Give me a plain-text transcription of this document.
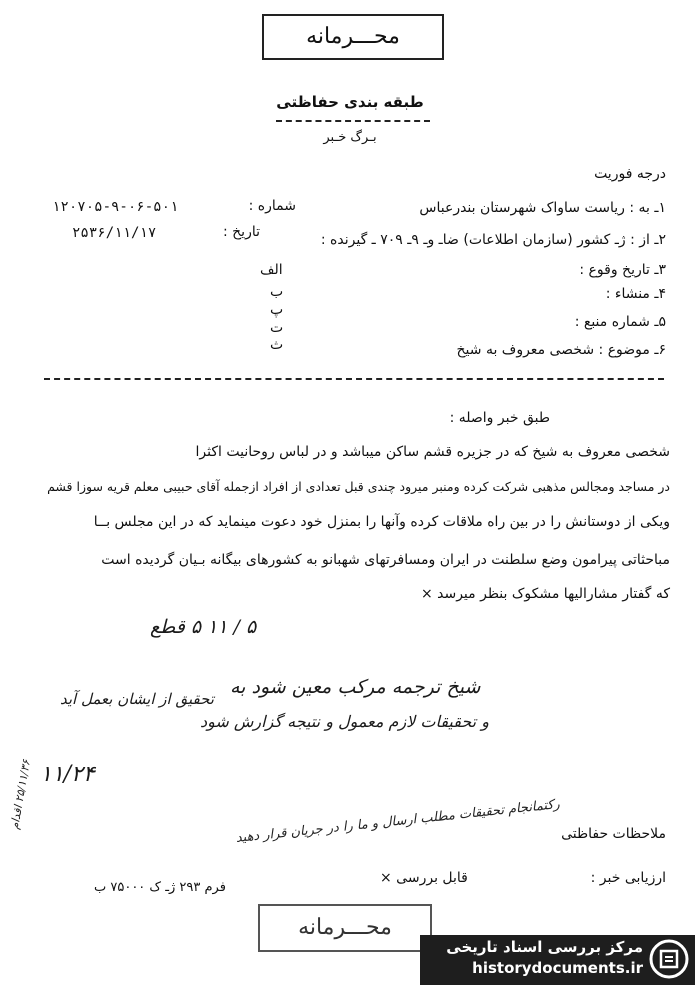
محـــرمانه
طبقه بندی حفاظتی
بـرگ خـبر
درجه فوریت
شماره :
۱۲۰۷۰۵-۹-۰۶-۵۰۱
تاریخ :
۲۵۳۶/۱۱/۱۷
۱ـ به : ریاست ساواک شهرستان بندرعباس
۲ـ از : ژـ کشور (سازمان اطلاعات) ضاـ وـ ۹ـ ۷۰۹ ـ گیرنده :
۳ـ تاریخ وقوع :
۴ـ منشاء :
۵ـ شماره منبع :
۶ـ موضوع : شخصی معروف به شیخ
الف
ب
پ
ت
ث
طبق خبر واصله :
شخصی معروف به شیخ که در جزیره قشم ساکن میباشد و در لباس روحانیت اکثرا
در مساجد ومجالس مذهبی شرکت کرده ومنبر میرود چندی قبل تعدادی از افراد ازجمله آقای حبیبی معلم قریه سوزا قشم
ویکی از دوستانش را در بین راه ملاقات کرده وآنها را بمنزل خود دعوت مینماید که در این مجلس بــا
مباحثاتی پیرامون وضع سلطنت در ایران ومسافرتهای شهبانو به کشورهای بیگانه بـیان گردیده است
که گفتار مشارالیها مشکوک بنظر میرسد ×
۵ / ۱۱ ۵ قطع
شیخ ترجمه مرکب معین شود به
و تحقیقات لازم معمول و نتیجه گزارش شود
تحقیق از ایشان بعمل آید
۱۱/۲۴
رکتمانجام تحقیقات مطلب ارسال و ما را در جریان قرار دهید
۲۵/۱۱/۳۶ اقدام
ملاحظات حفاظتی
ارزیابی خبر :
قابل بررسی ×
فرم ۲۹۳ ژـ ک ۷۵۰۰۰ ب
محـــرمانه
مرکز بررسی اسناد تاریخی
historydocuments.ir
